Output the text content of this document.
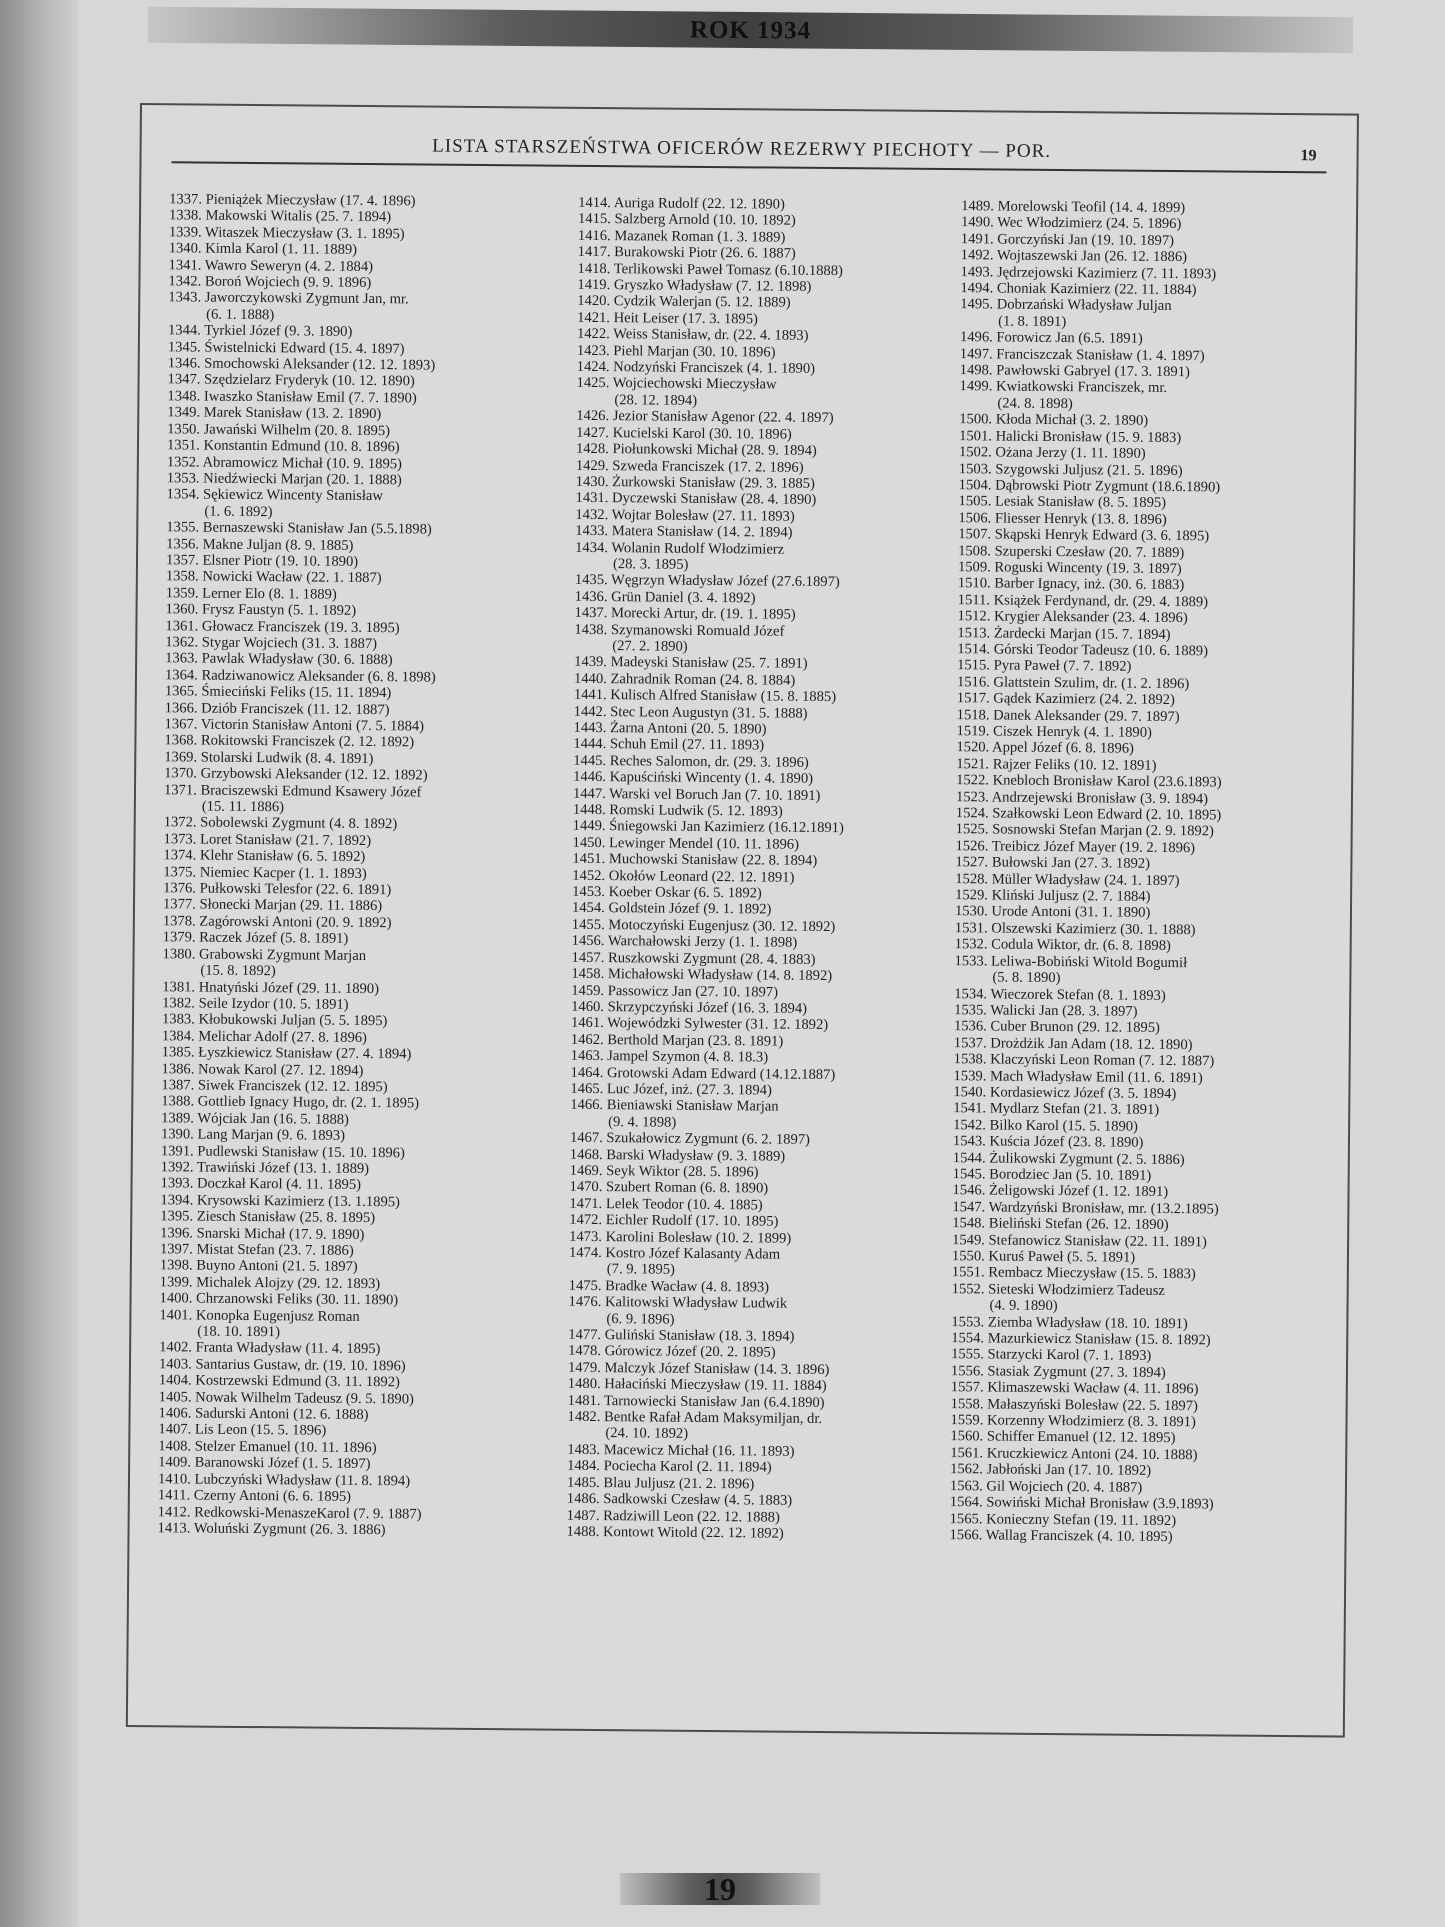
ROK 1934
LISTA STARSZEŃSTWA OFICERÓW REZERWY PIECHOTY — POR.	19
1337. Pieniążek Mieczysław (17. 4. 1896)
1338. Makowski Witalis (25. 7. 1894)
1339. Witaszek Mieczysław (3. 1. 1895)
1340. Kimla Karol (1. 11. 1889)
1341. Wawro Seweryn (4. 2. 1884)
1342. Boroń Wojciech (9. 9. 1896)
1343. Jaworczykowski Zygmunt Jan, mr.
(6. 1. 1888)
1344. Tyrkiel Józef (9. 3. 1890)
1345. Świstelnicki Edward (15. 4. 1897)
1346. Smochowski Aleksander (12. 12. 1893)
1347. Szędzielarz Fryderyk (10. 12. 1890)
1348. Iwaszko Stanisław Emil (7. 7. 1890)
1349. Marek Stanisław (13. 2. 1890)
1350. Jawański Wilhelm (20. 8. 1895)
1351. Konstantin Edmund (10. 8. 1896)
1352. Abramowicz Michał (10. 9. 1895)
1353. Niedźwiecki Marjan (20. 1. 1888)
1354. Sękiewicz Wincenty Stanisław
(1. 6. 1892)
1355. Bernaszewski Stanisław Jan (5.5.1898)
1356. Makne Juljan (8. 9. 1885)
1357. Elsner Piotr (19. 10. 1890)
1358. Nowicki Wacław (22. 1. 1887)
1359. Lerner Elo (8. 1. 1889)
1360. Frysz Faustyn (5. 1. 1892)
1361. Głowacz Franciszek (19. 3. 1895)
1362. Stygar Wojciech (31. 3. 1887)
1363. Pawlak Władysław (30. 6. 1888)
1364. Radziwanowicz Aleksander (6. 8. 1898)
1365. Śmieciński Feliks (15. 11. 1894)
1366. Dziób Franciszek (11. 12. 1887)
1367. Victorin Stanisław Antoni (7. 5. 1884)
1368. Rokitowski Franciszek (2. 12. 1892)
1369. Stolarski Ludwik (8. 4. 1891)
1370. Grzybowski Aleksander (12. 12. 1892)
1371. Braciszewski Edmund Ksawery Józef
(15. 11. 1886)
1372. Sobolewski Zygmunt (4. 8. 1892)
1373. Loret Stanisław (21. 7. 1892)
1374. Klehr Stanisław (6. 5. 1892)
1375. Niemiec Kacper (1. 1. 1893)
1376. Pułkowski Telesfor (22. 6. 1891)
1377. Słonecki Marjan (29. 11. 1886)
1378. Zagórowski Antoni (20. 9. 1892)
1379. Raczek Józef (5. 8. 1891)
1380. Grabowski Zygmunt Marjan
(15. 8. 1892)
1381. Hnatyński Józef (29. 11. 1890)
1382. Seile Izydor (10. 5. 1891)
1383. Kłobukowski Juljan (5. 5. 1895)
1384. Melichar Adolf (27. 8. 1896)
1385. Łyszkiewicz Stanisław (27. 4. 1894)
1386. Nowak Karol (27. 12. 1894)
1387. Siwek Franciszek (12. 12. 1895)
1388. Gottlieb Ignacy Hugo, dr. (2. 1. 1895)
1389. Wójciak Jan (16. 5. 1888)
1390. Lang Marjan (9. 6. 1893)
1391. Pudlewski Stanisław (15. 10. 1896)
1392. Trawiński Józef (13. 1. 1889)
1393. Doczkał Karol (4. 11. 1895)
1394. Krysowski Kazimierz (13. 1.1895)
1395. Ziesch Stanisław (25. 8. 1895)
1396. Snarski Michał (17. 9. 1890)
1397. Mistat Stefan (23. 7. 1886)
1398. Buyno Antoni (21. 5. 1897)
1399. Michalek Alojzy (29. 12. 1893)
1400. Chrzanowski Feliks (30. 11. 1890)
1401. Konopka Eugenjusz Roman
(18. 10. 1891)
1402. Franta Władysław (11. 4. 1895)
1403. Santarius Gustaw, dr. (19. 10. 1896)
1404. Kostrzewski Edmund (3. 11. 1892)
1405. Nowak Wilhelm Tadeusz (9. 5. 1890)
1406. Sadurski Antoni (12. 6. 1888)
1407. Lis Leon (15. 5. 1896)
1408. Stelzer Emanuel (10. 11. 1896)
1409. Baranowski Józef (1. 5. 1897)
1410. Lubczyński Władysław (11. 8. 1894)
1411. Czerny Antoni (6. 6. 1895)
1412. Redkowski-MenaszeKarol (7. 9. 1887)
1413. Woluński Zygmunt (26. 3. 1886)
1414. Auriga Rudolf (22. 12. 1890)
1415. Salzberg Arnold (10. 10. 1892)
1416. Mazanek Roman (1. 3. 1889)
1417. Burakowski Piotr (26. 6. 1887)
1418. Terlikowski Paweł Tomasz (6.10.1888)
1419. Gryszko Władysław (7. 12. 1898)
1420. Cydzik Walerjan (5. 12. 1889)
1421. Heit Leiser (17. 3. 1895)
1422. Weiss Stanisław, dr. (22. 4. 1893)
1423. Piehl Marjan (30. 10. 1896)
1424. Nodzyński Franciszek (4. 1. 1890)
1425. Wojciechowski Mieczysław
(28. 12. 1894)
1426. Jezior Stanisław Agenor (22. 4. 1897)
1427. Kucielski Karol (30. 10. 1896)
1428. Piołunkowski Michał (28. 9. 1894)
1429. Szweda Franciszek (17. 2. 1896)
1430. Żurkowski Stanisław (29. 3. 1885)
1431. Dyczewski Stanisław (28. 4. 1890)
1432. Wojtar Bolesław (27. 11. 1893)
1433. Matera Stanisław (14. 2. 1894)
1434. Wolanin Rudolf Włodzimierz
(28. 3. 1895)
1435. Węgrzyn Władysław Józef (27.6.1897)
1436. Grün Daniel (3. 4. 1892)
1437. Morecki Artur, dr. (19. 1. 1895)
1438. Szymanowski Romuald Józef
(27. 2. 1890)
1439. Madeyski Stanisław (25. 7. 1891)
1440. Zahradnik Roman (24. 8. 1884)
1441. Kulisch Alfred Stanisław (15. 8. 1885)
1442. Stec Leon Augustyn (31. 5. 1888)
1443. Żarna Antoni (20. 5. 1890)
1444. Schuh Emil (27. 11. 1893)
1445. Reches Salomon, dr. (29. 3. 1896)
1446. Kapuściński Wincenty (1. 4. 1890)
1447. Warski vel Boruch Jan (7. 10. 1891)
1448. Romski Ludwik (5. 12. 1893)
1449. Śniegowski Jan Kazimierz (16.12.1891)
1450. Lewinger Mendel (10. 11. 1896)
1451. Muchowski Stanisław (22. 8. 1894)
1452. Okołów Leonard (22. 12. 1891)
1453. Koeber Oskar (6. 5. 1892)
1454. Goldstein Józef (9. 1. 1892)
1455. Motoczyński Eugenjusz (30. 12. 1892)
1456. Warchałowski Jerzy (1. 1. 1898)
1457. Ruszkowski Zygmunt (28. 4. 1883)
1458. Michałowski Władysław (14. 8. 1892)
1459. Passowicz Jan (27. 10. 1897)
1460. Skrzypczyński Józef (16. 3. 1894)
1461. Wojewódzki Sylwester (31. 12. 1892)
1462. Berthold Marjan (23. 8. 1891)
1463. Jampel Szymon (4. 8. 18.3)
1464. Grotowski Adam Edward (14.12.1887)
1465. Luc Józef, inż. (27. 3. 1894)
1466. Bieniawski Stanisław Marjan
(9. 4. 1898)
1467. Szukałowicz Zygmunt (6. 2. 1897)
1468. Barski Władysław (9. 3. 1889)
1469. Seyk Wiktor (28. 5. 1896)
1470. Szubert Roman (6. 8. 1890)
1471. Lelek Teodor (10. 4. 1885)
1472. Eichler Rudolf (17. 10. 1895)
1473. Karolini Bolesław (10. 2. 1899)
1474. Kostro Józef Kalasanty Adam
(7. 9. 1895)
1475. Bradke Wacław (4. 8. 1893)
1476. Kalitowski Władysław Ludwik
(6. 9. 1896)
1477. Guliński Stanisław (18. 3. 1894)
1478. Górowicz Józef (20. 2. 1895)
1479. Malczyk Józef Stanisław (14. 3. 1896)
1480. Hałaciński Mieczysław (19. 11. 1884)
1481. Tarnowiecki Stanisław Jan (6.4.1890)
1482. Bentke Rafał Adam Maksymiljan, dr.
(24. 10. 1892)
1483. Macewicz Michał (16. 11. 1893)
1484. Pociecha Karol (2. 11. 1894)
1485. Blau Juljusz (21. 2. 1896)
1486. Sadkowski Czesław (4. 5. 1883)
1487. Radziwill Leon (22. 12. 1888)
1488. Kontowt Witold (22. 12. 1892)
1489. Morelowski Teofil (14. 4. 1899)
1490. Wec Włodzimierz (24. 5. 1896)
1491. Gorczyński Jan (19. 10. 1897)
1492. Wojtaszewski Jan (26. 12. 1886)
1493. Jędrzejowski Kazimierz (7. 11. 1893)
1494. Choniak Kazimierz (22. 11. 1884)
1495. Dobrzański Władysław Juljan
(1. 8. 1891)
1496. Forowicz Jan (6.5. 1891)
1497. Franciszczak Stanisław (1. 4. 1897)
1498. Pawłowski Gabryel (17. 3. 1891)
1499. Kwiatkowski Franciszek, mr.
(24. 8. 1898)
1500. Kłoda Michał (3. 2. 1890)
1501. Halicki Bronisław (15. 9. 1883)
1502. Ożana Jerzy (1. 11. 1890)
1503. Szygowski Juljusz (21. 5. 1896)
1504. Dąbrowski Piotr Zygmunt (18.6.1890)
1505. Lesiak Stanisław (8. 5. 1895)
1506. Fliesser Henryk (13. 8. 1896)
1507. Skąpski Henryk Edward (3. 6. 1895)
1508. Szuperski Czesław (20. 7. 1889)
1509. Roguski Wincenty (19. 3. 1897)
1510. Barber Ignacy, inż. (30. 6. 1883)
1511. Książek Ferdynand, dr. (29. 4. 1889)
1512. Krygier Aleksander (23. 4. 1896)
1513. Żardecki Marjan (15. 7. 1894)
1514. Górski Teodor Tadeusz (10. 6. 1889)
1515. Pyra Paweł (7. 7. 1892)
1516. Glattstein Szulim, dr. (1. 2. 1896)
1517. Gądek Kazimierz (24. 2. 1892)
1518. Danek Aleksander (29. 7. 1897)
1519. Ciszek Henryk (4. 1. 1890)
1520. Appel Józef (6. 8. 1896)
1521. Rajzer Feliks (10. 12. 1891)
1522. Knebloch Bronisław Karol (23.6.1893)
1523. Andrzejewski Bronisław (3. 9. 1894)
1524. Szałkowski Leon Edward (2. 10. 1895)
1525. Sosnowski Stefan Marjan (2. 9. 1892)
1526. Treibicz Józef Mayer (19. 2. 1896)
1527. Bułowski Jan (27. 3. 1892)
1528. Müller Władysław (24. 1. 1897)
1529. Kliński Juljusz (2. 7. 1884)
1530. Urode Antoni (31. 1. 1890)
1531. Olszewski Kazimierz (30. 1. 1888)
1532. Codula Wiktor, dr. (6. 8. 1898)
1533. Leliwa-Bobiński Witold Bogumił
(5. 8. 1890)
1534. Wieczorek Stefan (8. 1. 1893)
1535. Walicki Jan (28. 3. 1897)
1536. Cuber Brunon (29. 12. 1895)
1537. Drożdżik Jan Adam (18. 12. 1890)
1538. Klaczyński Leon Roman (7. 12. 1887)
1539. Mach Władysław Emil (11. 6. 1891)
1540. Kordasiewicz Józef (3. 5. 1894)
1541. Mydlarz Stefan (21. 3. 1891)
1542. Bilko Karol (15. 5. 1890)
1543. Kuścia Józef (23. 8. 1890)
1544. Żulikowski Zygmunt (2. 5. 1886)
1545. Borodziec Jan (5. 10. 1891)
1546. Żeligowski Józef (1. 12. 1891)
1547. Wardzyński Bronisław, mr. (13.2.1895)
1548. Bieliński Stefan (26. 12. 1890)
1549. Stefanowicz Stanisław (22. 11. 1891)
1550. Kuruś Paweł (5. 5. 1891)
1551. Rembacz Mieczysław (15. 5. 1883)
1552. Sieteski Włodzimierz Tadeusz
(4. 9. 1890)
1553. Ziemba Władysław (18. 10. 1891)
1554. Mazurkiewicz Stanisław (15. 8. 1892)
1555. Starzycki Karol (7. 1. 1893)
1556. Stasiak Zygmunt (27. 3. 1894)
1557. Klimaszewski Wacław (4. 11. 1896)
1558. Małaszyński Bolesław (22. 5. 1897)
1559. Korzenny Włodzimierz (8. 3. 1891)
1560. Schiffer Emanuel (12. 12. 1895)
1561. Kruczkiewicz Antoni (24. 10. 1888)
1562. Jabłoński Jan (17. 10. 1892)
1563. Gil Wojciech (20. 4. 1887)
1564. Sowiński Michał Bronisław (3.9.1893)
1565. Konieczny Stefan (19. 11. 1892)
1566. Wallag Franciszek (4. 10. 1895)
19
